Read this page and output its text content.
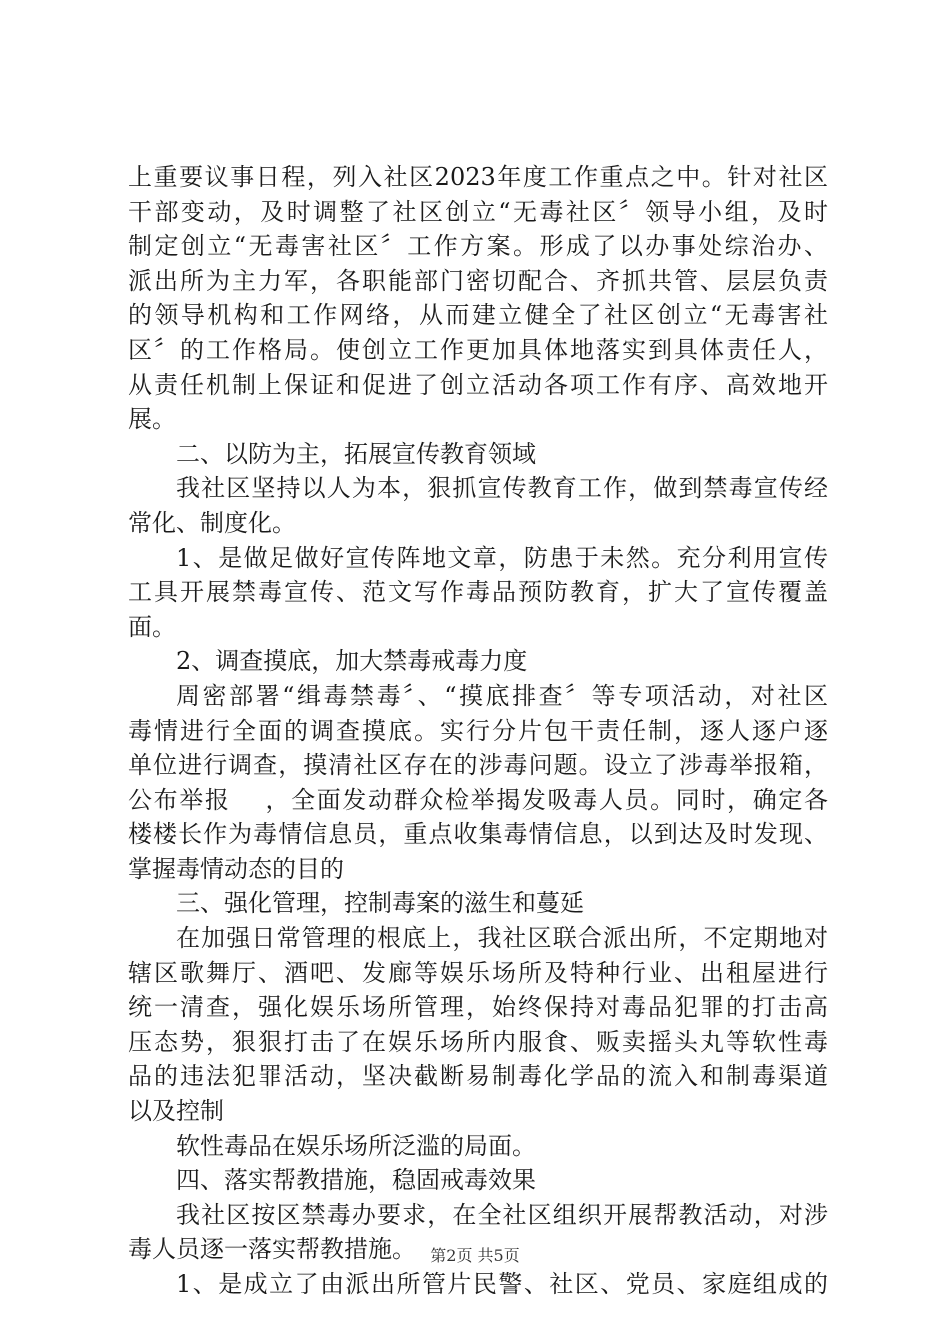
上重要议事日程，列入社区2023年度工作重点之中。针对社区
干部变动，及时调整了社区创立“无毒社区〞领导小组，及时
制定创立“无毒害社区〞工作方案。形成了以办事处综治办、
派出所为主力军，各职能部门密切配合、齐抓共管、层层负责
的领导机构和工作网络，从而建立健全了社区创立“无毒害社
区〞的工作格局。使创立工作更加具体地落实到具体责任人，
从责任机制上保证和促进了创立活动各项工作有序、高效地开
展。
二、以防为主，拓展宣传教育领域
我社区坚持以人为本，狠抓宣传教育工作，做到禁毒宣传经
常化、制度化。
1、是做足做好宣传阵地文章，防患于未然。充分利用宣传
工具开展禁毒宣传、范文写作毒品预防教育，扩大了宣传覆盖
面。
2、调查摸底，加大禁毒戒毒力度
周密部署“缉毒禁毒〞、“摸底排查〞等专项活动，对社区
毒情进行全面的调查摸底。实行分片包干责任制，逐人逐户逐
单位进行调查，摸清社区存在的涉毒问题。设立了涉毒举报箱，
公布举报　 ，全面发动群众检举揭发吸毒人员。同时，确定各
楼楼长作为毒情信息员，重点收集毒情信息，以到达及时发现、
掌握毒情动态的目的
三、强化管理，控制毒案的滋生和蔓延
在加强日常管理的根底上，我社区联合派出所，不定期地对
辖区歌舞厅、酒吧、发廊等娱乐场所及特种行业、出租屋进行
统一清查，强化娱乐场所管理，始终保持对毒品犯罪的打击高
压态势，狠狠打击了在娱乐场所内服食、贩卖摇头丸等软性毒
品的违法犯罪活动，坚决截断易制毒化学品的流入和制毒渠道
以及控制
软性毒品在娱乐场所泛滥的局面。
四、落实帮教措施，稳固戒毒效果
我社区按区禁毒办要求，在全社区组织开展帮教活动，对涉
毒人员逐一落实帮教措施。
1、是成立了由派出所管片民警、社区、党员、家庭组成的
第2页 共5页
